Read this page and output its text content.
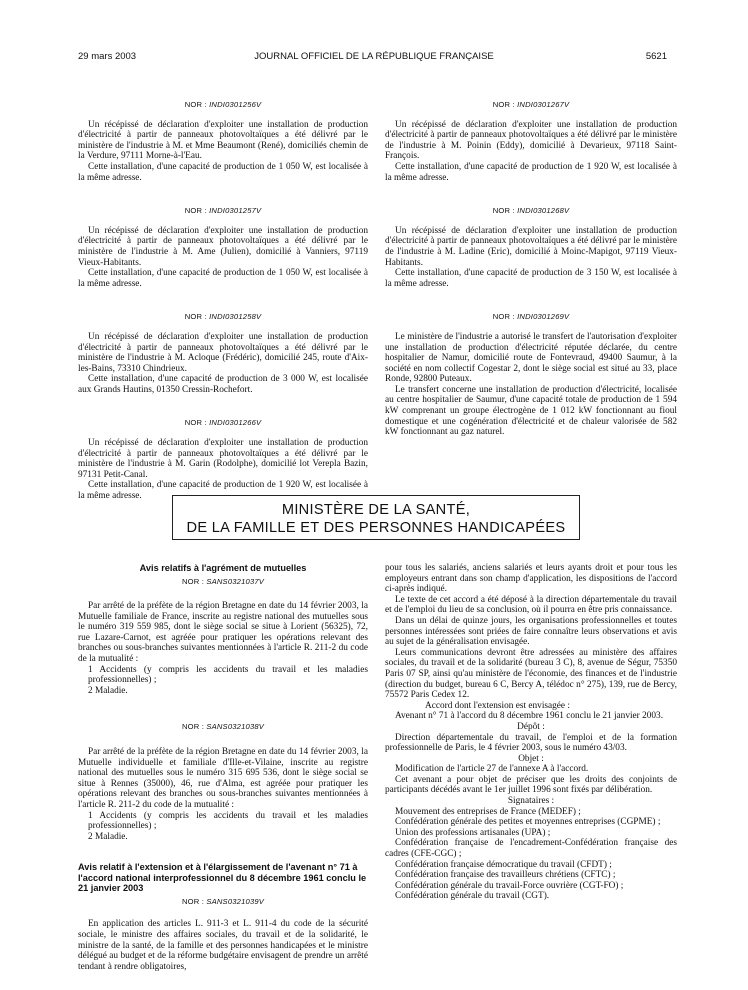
29 mars 2003	JOURNAL OFFICIEL DE LA RÉPUBLIQUE FRANÇAISE	5621
NOR : INDI0301256V

Un récépissé de déclaration d'exploiter une installation de production d'électricité à partir de panneaux photovoltaïques a été délivré par le ministère de l'industrie à M. et Mme Beaumont (René), domiciliés chemin de la Verdure, 97111 Morne-à-l'Eau.

Cette installation, d'une capacité de production de 1 050 W, est localisée à la même adresse.

NOR : INDI0301257V

Un récépissé de déclaration d'exploiter une installation de production d'électricité à partir de panneaux photovoltaïques a été délivré par le ministère de l'industrie à M. Ame (Julien), domicilié à Vanniers, 97119 Vieux-Habitants.

Cette installation, d'une capacité de production de 1 050 W, est localisée à la même adresse.

NOR : INDI0301258V

Un récépissé de déclaration d'exploiter une installation de production d'électricité à partir de panneaux photovoltaïques a été délivré par le ministère de l'industrie à M. Acloque (Frédéric), domicilié 245, route d'Aix-les-Bains, 73310 Chindrieux.

Cette installation, d'une capacité de production de 3 000 W, est localisée aux Grands Hautins, 01350 Cressin-Rochefort.

NOR : INDI0301266V

Un récépissé de déclaration d'exploiter une installation de production d'électricité à partir de panneaux photovoltaïques a été délivré par le ministère de l'industrie à M. Garin (Rodolphe), domicilié lot Verepla Bazin, 97131 Petit-Canal.

Cette installation, d'une capacité de production de 1 920 W, est localisée à la même adresse.

NOR : INDI0301267V

Un récépissé de déclaration d'exploiter une installation de production d'électricité à partir de panneaux photovoltaïques a été délivré par le ministère de l'industrie à M. Poinin (Eddy), domicilié à Devarieux, 97118 Saint-François.

Cette installation, d'une capacité de production de 1 920 W, est localisée à la même adresse.

NOR : INDI0301268V

Un récépissé de déclaration d'exploiter une installation de production d'électricité à partir de panneaux photovoltaïques a été délivré par le ministère de l'industrie à M. Ladine (Eric), domicilié à Moinc-Mapigot, 97119 Vieux-Habitants.

Cette installation, d'une capacité de production de 3 150 W, est localisée à la même adresse.

NOR : INDI0301269V

Le ministère de l'industrie a autorisé le transfert de l'autorisation d'exploiter une installation de production d'électricité réputée déclarée, du centre hospitalier de Namur, domicilié route de Fontevraud, 49400 Saumur, à la société en nom collectif Cogestar 2, dont le siège social est situé au 33, place Ronde, 92800 Puteaux.

Le transfert concerne une installation de production d'électricité, localisée au centre hospitalier de Saumur, d'une capacité totale de production de 1 594 kW comprenant un groupe électrogène de 1 012 kW fonctionnant au fioul domestique et une cogénération d'électricité et de chaleur valorisée de 582 kW fonctionnant au gaz naturel.

MINISTÈRE DE LA SANTÉ,
DE LA FAMILLE ET DES PERSONNES HANDICAPÉES
Avis relatifs à l'agrément de mutuelles
NOR : SANS0321037V

Par arrêté de la préfète de la région Bretagne en date du 14 février 2003, la Mutuelle familiale de France, inscrite au registre national des mutuelles sous le numéro 319 559 985, dont le siège social se situe à Lorient (56325), 72, rue Lazare-Carnot, est agréée pour pratiquer les opérations relevant des branches ou sous-branches suivantes mentionnées à l'article R. 211-2 du code de la mutualité :

1 Accidents (y compris les accidents du travail et les maladies professionnelles) ;

2 Maladie.

NOR : SANS0321038V

Par arrêté de la préfète de la région Bretagne en date du 14 février 2003, la Mutuelle individuelle et familiale d'Ille-et-Vilaine, inscrite au registre national des mutuelles sous le numéro 315 695 536, dont le siège social se situe à Rennes (35000), 46, rue d'Alma, est agréée pour pratiquer les opérations relevant des branches ou sous-branches suivantes mentionnées à l'article R. 211-2 du code de la mutualité :

1 Accidents (y compris les accidents du travail et les maladies professionnelles) ;

2 Maladie.

Avis relatif à l'extension et à l'élargissement de l'avenant n° 71 à l'accord national interprofessionnel du 8 décembre 1961 conclu le 21 janvier 2003
NOR : SANS0321039V

En application des articles L. 911-3 et L. 911-4 du code de la sécurité sociale, le ministre des affaires sociales, du travail et de la solidarité, le ministre de la santé, de la famille et des personnes handicapées et le ministre délégué au budget et de la réforme budgétaire envisagent de prendre un arrêté tendant à rendre obligatoires,

pour tous les salariés, anciens salariés et leurs ayants droit et pour tous les employeurs entrant dans son champ d'application, les dispositions de l'accord ci-après indiqué.

Le texte de cet accord a été déposé à la direction départementale du travail et de l'emploi du lieu de sa conclusion, où il pourra en être pris connaissance.

Dans un délai de quinze jours, les organisations professionnelles et toutes personnes intéressées sont priées de faire connaître leurs observations et avis au sujet de la généralisation envisagée.

Leurs communications devront être adressées au ministère des affaires sociales, du travail et de la solidarité (bureau 3 C), 8, avenue de Ségur, 75350 Paris 07 SP, ainsi qu'au ministère de l'économie, des finances et de l'industrie (direction du budget, bureau 6 C, Bercy A, télédoc n° 275), 139, rue de Bercy, 75572 Paris Cedex 12.

Accord dont l'extension est envisagée :

Avenant n° 71 à l'accord du 8 décembre 1961 conclu le 21 janvier 2003.

Dépôt :

Direction départementale du travail, de l'emploi et de la formation professionnelle de Paris, le 4 février 2003, sous le numéro 43/03.

Objet :

Modification de l'article 27 de l'annexe A à l'accord.

Cet avenant a pour objet de préciser que les droits des conjoints de participants décédés avant le 1er juillet 1996 sont fixés par délibération.

Signataires :

Mouvement des entreprises de France (MEDEF) ;

Confédération générale des petites et moyennes entreprises (CGPME) ;

Union des professions artisanales (UPA) ;

Confédération française de l'encadrement-Confédération française des cadres (CFE-CGC) ;

Confédération française démocratique du travail (CFDT) ;

Confédération française des travailleurs chrétiens (CFTC) ;

Confédération générale du travail-Force ouvrière (CGT-FO) ;

Confédération générale du travail (CGT).
